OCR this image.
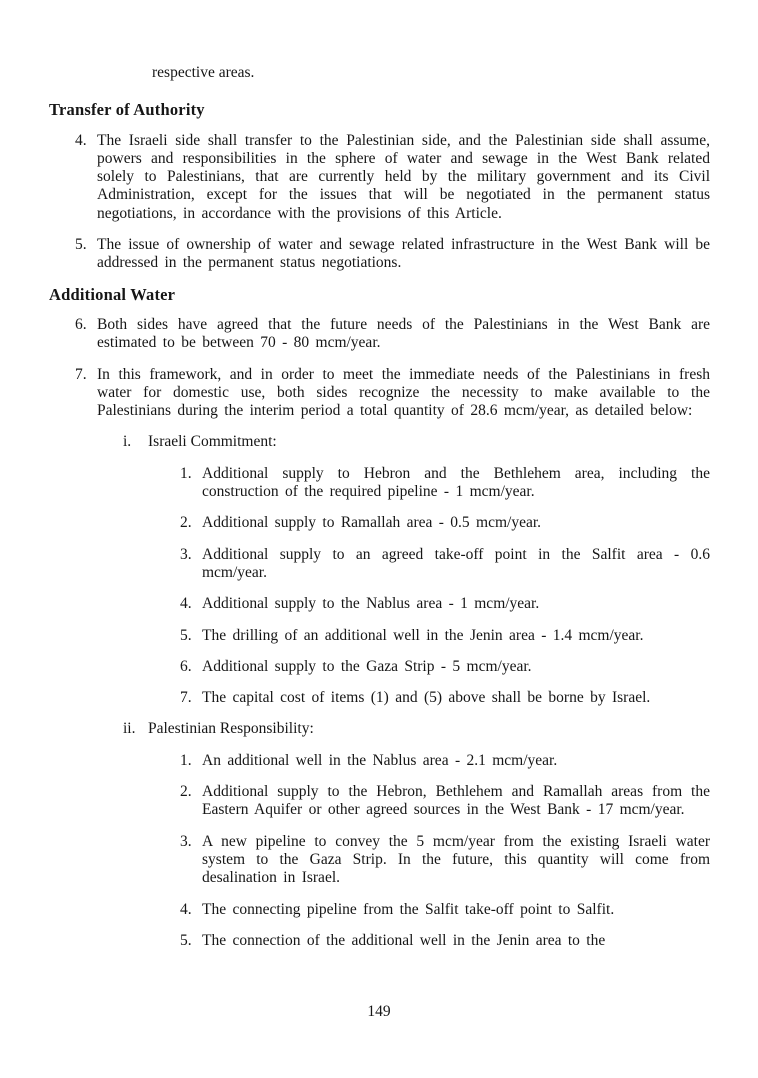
respective areas.
Transfer of Authority
4. The Israeli side shall transfer to the Palestinian side, and the Palestinian side shall assume, powers and responsibilities in the sphere of water and sewage in the West Bank related solely to Palestinians, that are currently held by the military government and its Civil Administration, except for the issues that will be negotiated in the permanent status negotiations, in accordance with the provisions of this Article.
5. The issue of ownership of water and sewage related infrastructure in the West Bank will be addressed in the permanent status negotiations.
Additional Water
6. Both sides have agreed that the future needs of the Palestinians in the West Bank are estimated to be between 70 - 80 mcm/year.
7. In this framework, and in order to meet the immediate needs of the Palestinians in fresh water for domestic use, both sides recognize the necessity to make available to the Palestinians during the interim period a total quantity of 28.6 mcm/year, as detailed below:
i.	Israeli Commitment:
1. Additional supply to Hebron and the Bethlehem area, including the construction of the required pipeline - 1 mcm/year.
2. Additional supply to Ramallah area - 0.5 mcm/year.
3. Additional supply to an agreed take-off point in the Salfit area - 0.6 mcm/year.
4. Additional supply to the Nablus area - 1 mcm/year.
5. The drilling of an additional well in the Jenin area - 1.4 mcm/year.
6. Additional supply to the Gaza Strip - 5 mcm/year.
7. The capital cost of items (1) and (5) above shall be borne by Israel.
ii. Palestinian Responsibility:
1. An additional well in the Nablus area - 2.1 mcm/year.
2. Additional supply to the Hebron, Bethlehem and Ramallah areas from the Eastern Aquifer or other agreed sources in the West Bank - 17 mcm/year.
3. A new pipeline to convey the 5 mcm/year from the existing Israeli water system to the Gaza Strip. In the future, this quantity will come from desalination in Israel.
4. The connecting pipeline from the Salfit take-off point to Salfit.
5. The connection of the additional well in the Jenin area to the
149
